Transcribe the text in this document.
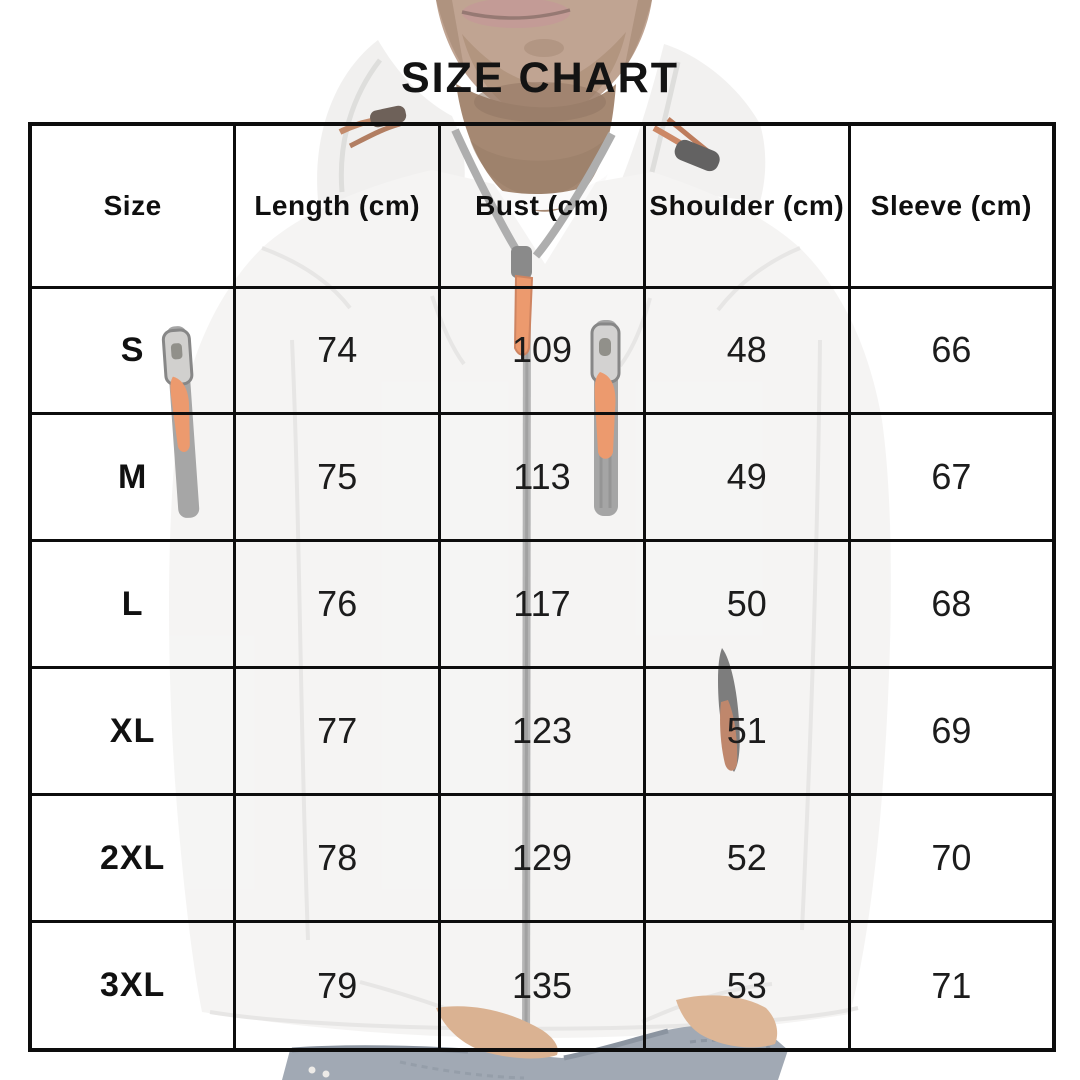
SIZE CHART
Size	Length (cm)	Bust (cm)	Shoulder (cm)	Sleeve (cm)
S	74	109	48	66
M	75	113	49	67
L	76	117	50	68
XL	77	123	51	69
2XL	78	129	52	70
3XL	79	135	53	71
